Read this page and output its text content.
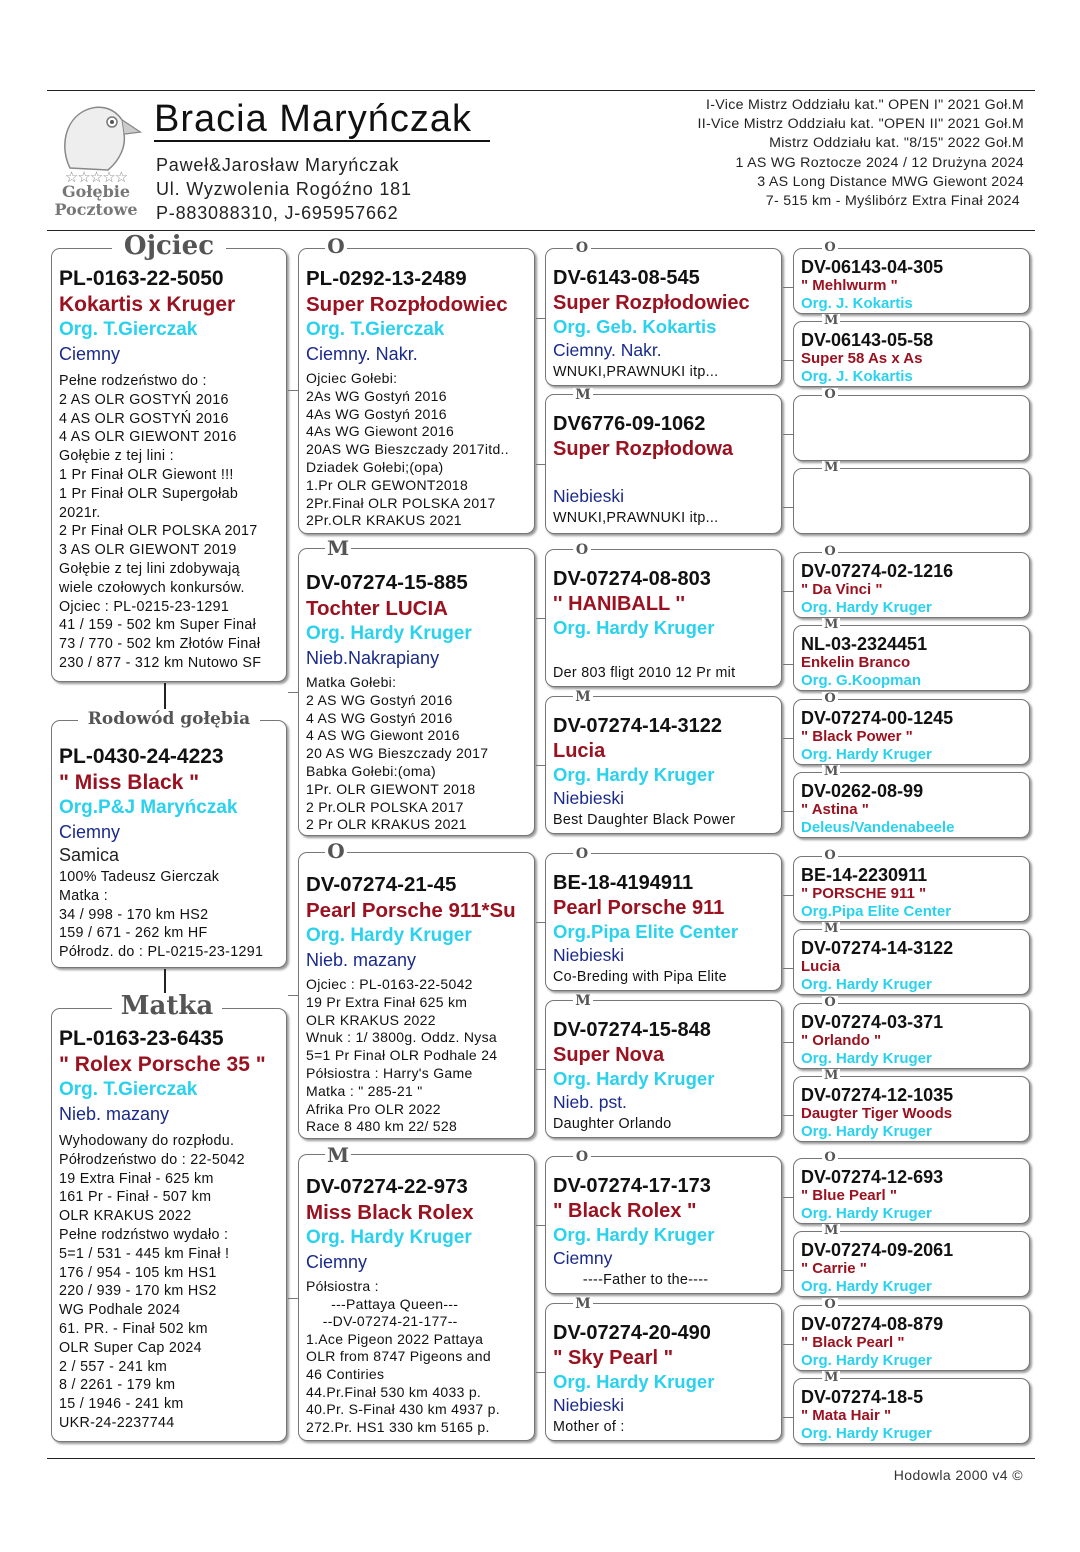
☆☆☆☆☆
Gołębie
Pocztowe
Bracia Maryńczak
Paweł&Jarosław Maryńczak
Ul. Wyzwolenia Rogóźno 181
P-883088310, J-695957662
I-Vice Mistrz Oddziału kat." OPEN I" 2021 Goł.M
II-Vice Mistrz Oddziału kat. "OPEN II" 2021 Goł.M
Mistrz Oddziału kat. "8/15" 2022 Goł.M
1 AS WG Roztocze 2024 / 12 Drużyna 2024
3 AS Long Distance MWG Giewont 2024
7- 515 km - Myślibórz Extra Finał 2024
PL-0163-22-5050
Kokartis x Kruger
Org. T.Gierczak
Ciemny
Pełne rodzeństwo do :
2 AS OLR GOSTYŃ 2016
4 AS OLR GOSTYŃ 2016
4 AS OLR GIEWONT 2016
Gołębie z tej lini :
1 Pr Finał OLR Giewont !!!
1 Pr Finał OLR Supergołab
2021r.
2 Pr Finał OLR POLSKA 2017
3 AS OLR GIEWONT 2019
Gołębie z tej lini zdobywają
wiele czołowych konkursów.
Ojciec : PL-0215-23-1291
41 / 159 - 502 km Super Finał
73 / 770 - 502 km Złotów Finał
230 / 877 - 312 km Nutowo SF
Ojciec
PL-0430-24-4223
" Miss Black "
Org.P&J Maryńczak
Ciemny
Samica
100% Tadeusz Gierczak
Matka :
34 / 998 - 170 km HS2
159 / 671 - 262 km HF
Półrodz. do : PL-0215-23-1291
Rodowód gołębia
PL-0163-23-6435
" Rolex Porsche 35 "
Org. T.Gierczak
Nieb. mazany
Wyhodowany do rozpłodu.
Półrodzeństwo do : 22-5042
19 Extra Finał - 625 km
161 Pr - Finał - 507 km
OLR KRAKUS 2022
Pełne rodzństwo wydało :
5=1 / 531 - 445 km Finał !
176 / 954 - 105 km HS1
220 / 939 - 170 km HS2
WG Podhale 2024
61. PR. - Finał 502 km
OLR Super Cap 2024
2 / 557 - 241 km
8 / 2261 - 179 km
15 / 1946 - 241 km
UKR-24-2237744
Matka
PL-0292-13-2489
Super Rozpłodowiec
Org. T.Gierczak
Ciemny. Nakr.
Ojciec Gołebi:
2As WG Gostyń 2016
4As WG Gostyń 2016
4As WG Giewont 2016
20AS WG Bieszczady 2017itd..
Dziadek Gołebi;(opa)
1.Pr OLR GEWONT2018
2Pr.Finał OLR POLSKA 2017
2Pr.OLR KRAKUS 2021
O
DV-07274-15-885
Tochter LUCIA
Org. Hardy Kruger
Nieb.Nakrapiany
Matka Gołebi:
2 AS WG Gostyń 2016
4 AS WG Gostyń 2016
4 AS WG Giewont 2016
20 AS WG Bieszczady 2017
Babka Gołebi:(oma)
1Pr. OLR GIEWONT 2018
2 Pr.OLR POLSKA 2017
2 Pr OLR KRAKUS 2021
M
DV-07274-21-45
Pearl Porsche 911*Su
Org. Hardy Kruger
Nieb. mazany
Ojciec : PL-0163-22-5042
19 Pr Extra Finał 625 km
OLR KRAKUS 2022
Wnuk : 1/ 3800g. Oddz. Nysa
5=1 Pr Finał OLR Podhale 24
Półsiostra : Harry's Game
Matka : " 285-21 "
Afrika Pro OLR 2022
Race 8 480 km 22/ 528
O
DV-07274-22-973
Miss Black Rolex
Org. Hardy Kruger
Ciemny
Półsiostra :
---Pattaya Queen---
--DV-07274-21-177--
1.Ace Pigeon 2022 Pattaya
OLR from 8747 Pigeons and
46 Contiries
44.Pr.Finał 530 km 4033 p.
40.Pr. S-Finał 430 km 4937 p.
272.Pr. HS1 330 km 5165 p.
M
DV-6143-08-545
Super Rozpłodowiec
Org. Geb. Kokartis
Ciemny. Nakr.
WNUKI,PRAWNUKI itp...
O
DV6776-09-1062
Super Rozpłodowa
Niebieski
WNUKI,PRAWNUKI itp...
M
DV-07274-08-803
'' HANIBALL ''
Org. Hardy Kruger
Der 803 fligt 2010 12 Pr mit
O
DV-07274-14-3122
Lucia
Org. Hardy Kruger
Niebieski
Best Daughter Black Power
M
BE-18-4194911
Pearl Porsche 911
Org.Pipa Elite Center
Niebieski
Co-Breding with Pipa Elite
O
DV-07274-15-848
Super Nova
Org. Hardy Kruger
Nieb. pst.
Daughter Orlando
M
DV-07274-17-173
" Black Rolex "
Org. Hardy Kruger
Ciemny
----Father to the----
O
DV-07274-20-490
" Sky Pearl "
Org. Hardy Kruger
Niebieski
Mother of :
M
DV-06143-04-305
" Mehlwurm "
Org. J. Kokartis
O
DV-06143-05-58
Super 58 As x As
Org. J. Kokartis
M
O
M
DV-07274-02-1216
" Da Vinci "
Org. Hardy Kruger
O
NL-03-2324451
Enkelin Branco
Org. G.Koopman
M
DV-07274-00-1245
" Black Power "
Org. Hardy Kruger
O
DV-0262-08-99
" Astina "
Deleus/Vandenabeele
M
BE-14-2230911
" PORSCHE 911 "
Org.Pipa Elite Center
O
DV-07274-14-3122
Lucia
Org. Hardy Kruger
M
DV-07274-03-371
" Orlando "
Org. Hardy Kruger
O
DV-07274-12-1035
Daugter Tiger Woods
Org. Hardy Kruger
M
DV-07274-12-693
" Blue Pearl "
Org. Hardy Kruger
O
DV-07274-09-2061
" Carrie "
Org. Hardy Kruger
M
DV-07274-08-879
" Black Pearl "
Org. Hardy Kruger
O
DV-07274-18-5
" Mata Hair "
Org. Hardy Kruger
M
Hodowla 2000 v4 ©
